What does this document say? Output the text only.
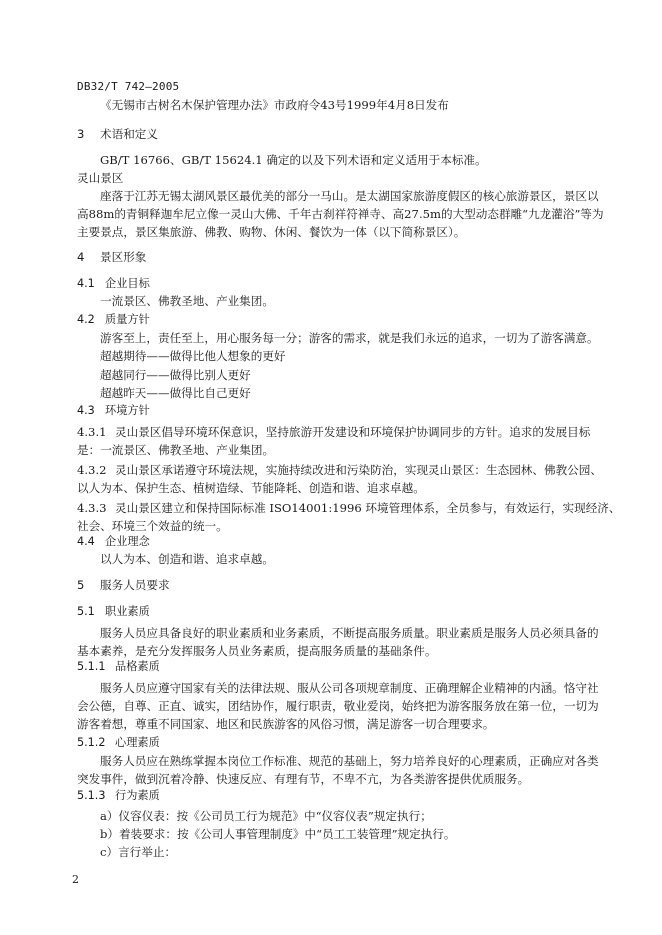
DB32/T 742—2005
《无锡市古树名木保护管理办法》市政府令43号1999年4月8日发布
3 术语和定义
GB/T 16766、GB/T 15624.1 确定的以及下列术语和定义适用于本标准。
灵山景区
座落于江苏无锡太湖风景区最优美的部分一马山。是太湖国家旅游度假区的核心旅游景区，景区以
高88m的青铜释迦牟尼立像一灵山大佛、千年古刹祥符禅寺、高27.5m的大型动态群雕“九龙灌浴”等为
主要景点，景区集旅游、佛教、购物、休闲、餐饮为一体（以下简称景区）。
4 景区形象
4.1 企业目标
一流景区、佛教圣地、产业集团。
4.2 质量方针
游客至上，责任至上，用心服务每一分；游客的需求，就是我们永远的追求，一切为了游客满意。
超越期待——做得比他人想象的更好
超越同行——做得比别人更好
超越昨天——做得比自己更好
4.3 环境方针
4.3.1 灵山景区倡导环境环保意识，坚持旅游开发建设和环境保护协调同步的方针。追求的发展目标
是：一流景区、佛教圣地、产业集团。
4.3.2 灵山景区承诺遵守环境法规，实施持续改进和污染防治，实现灵山景区：生态园林、佛教公园、
以人为本、保护生态、植树造绿、节能降耗、创造和谐、追求卓越。
4.3.3 灵山景区建立和保持国际标准 ISO14001:1996 环境管理体系，全员参与，有效运行，实现经济、
社会、环境三个效益的统一。
4.4 企业理念
以人为本、创造和谐、追求卓越。
5 服务人员要求
5.1 职业素质
服务人员应具备良好的职业素质和业务素质，不断提高服务质量。职业素质是服务人员必须具备的
基本素养，是充分发挥服务人员业务素质，提高服务质量的基础条件。
5.1.1 品格素质
服务人员应遵守国家有关的法律法规、服从公司各项规章制度、正确理解企业精神的内涵。恪守社
会公德，自尊、正直、诚实，团结协作，履行职责，敬业爱岗，始终把为游客服务放在第一位，一切为
游客着想，尊重不同国家、地区和民族游客的风俗习惯，满足游客一切合理要求。
5.1.2 心理素质
服务人员应在熟练掌握本岗位工作标准、规范的基础上，努力培养良好的心理素质，正确应对各类
突发事件，做到沉着冷静、快速反应、有理有节，不卑不亢，为各类游客提供优质服务。
5.1.3 行为素质
a）仪容仪表：按《公司员工行为规范》中“仪容仪表”规定执行；
b）着装要求：按《公司人事管理制度》中“员工工装管理”规定执行。
c）言行举止：
2
